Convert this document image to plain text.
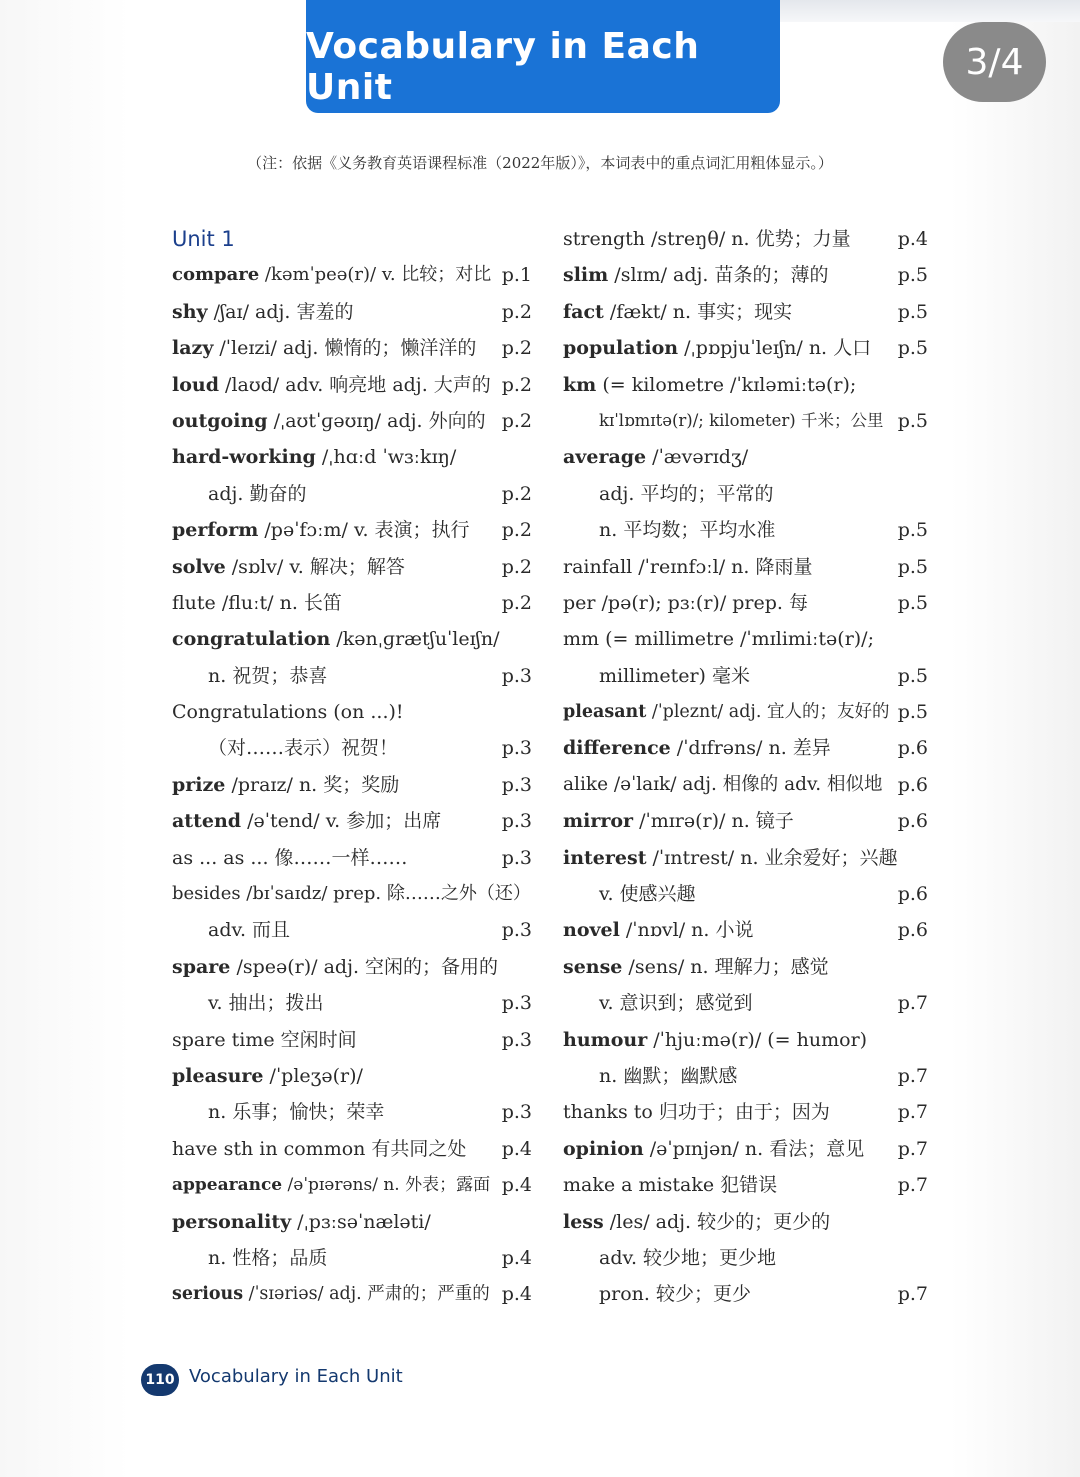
Vocabulary in Each Unit
3/4
（注：依据《义务教育英语课程标准（2022年版）》，本词表中的重点词汇用粗体显示。）
Unit 1
compare /kəmˈpeə(r)/ v. 比较；对比 p.1
shy /ʃaɪ/ adj. 害羞的	p.2
lazy /ˈleɪzi/ adj. 懒惰的；懒洋洋的 p.2
loud /laʊd/ adv. 响亮地 adj. 大声的 p.2
outgoing /ˌaʊtˈɡəʊɪŋ/ adj. 外向的 p.2
hard-working /ˌhɑːd ˈwɜːkɪŋ/
adj. 勤奋的	p.2
perform /pəˈfɔːm/ v. 表演；执行 p.2
solve /sɒlv/ v. 解决；解答	p.2
flute /fluːt/ n. 长笛	p.2
congratulation /kənˌɡrætʃuˈleɪʃn/
n. 祝贺；恭喜	p.3
Congratulations (on ...)!
（对……表示）祝贺！	p.3
prize /praɪz/ n. 奖；奖励	p.3
attend /əˈtend/ v. 参加；出席	p.3
as ... as ... 像……一样……	p.3
besides /bɪˈsaɪdz/ prep. 除……之外（还）
adv. 而且	p.3
spare /speə(r)/ adj. 空闲的；备用的
v. 抽出；拨出	p.3
spare time 空闲时间	p.3
pleasure /ˈpleʒə(r)/
n. 乐事；愉快；荣幸	p.3
have sth in common 有共同之处 p.4
appearance /əˈpɪərəns/ n. 外表；露面 p.4
personality /ˌpɜːsəˈnæləti/
n. 性格；品质	p.4
serious /ˈsɪəriəs/ adj. 严肃的；严重的 p.4
strength /streŋθ/ n. 优势；力量 p.4
slim /slɪm/ adj. 苗条的；薄的	p.5
fact /fækt/ n. 事实；现实	p.5
population /ˌpɒpjuˈleɪʃn/ n. 人口 p.5
km (= kilometre /ˈkɪləmiːtə(r);
kɪˈlɒmɪtə(r)/; kilometer) 千米；公里 p.5
average /ˈævərɪdʒ/
adj. 平均的；平常的
n. 平均数；平均水准	p.5
rainfall /ˈreɪnfɔːl/ n. 降雨量	p.5
per /pə(r); pɜː(r)/ prep. 每	p.5
mm (= millimetre /ˈmɪlimiːtə(r)/;
millimeter) 毫米	p.5
pleasant /ˈpleznt/ adj. 宜人的；友好的 p.5
difference /ˈdɪfrəns/ n. 差异	p.6
alike /əˈlaɪk/ adj. 相像的 adv. 相似地 p.6
mirror /ˈmɪrə(r)/ n. 镜子	p.6
interest /ˈɪntrest/ n. 业余爱好；兴趣
v. 使感兴趣	p.6
novel /ˈnɒvl/ n. 小说	p.6
sense /sens/ n. 理解力；感觉
v. 意识到；感觉到	p.7
humour /ˈhjuːmə(r)/ (= humor)
n. 幽默；幽默感	p.7
thanks to 归功于；由于；因为	p.7
opinion /əˈpɪnjən/ n. 看法；意见 p.7
make a mistake 犯错误	p.7
less /les/ adj. 较少的；更少的
adv. 较少地；更少地
pron. 较少；更少	p.7
110 Vocabulary in Each Unit
